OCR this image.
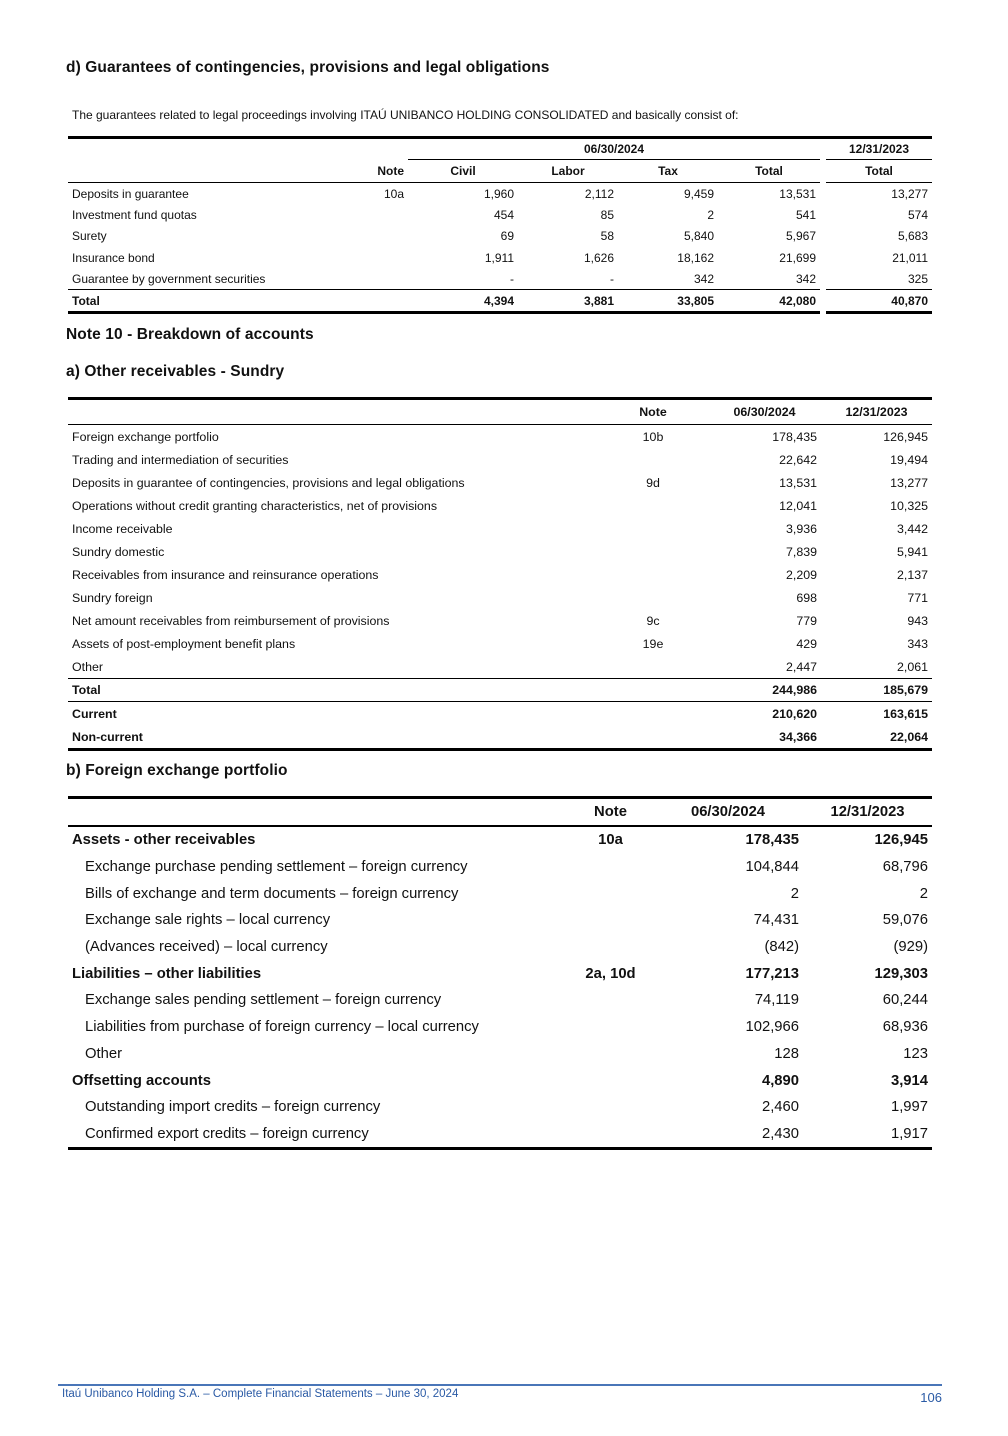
d) Guarantees of contingencies, provisions and legal obligations
The guarantees related to legal proceedings involving ITAÚ UNIBANCO HOLDING CONSOLIDATED and basically consist of:

		06/30/2024					12/31/2023
	Note	Civil	Labor	Tax	Total		Total
Deposits in guarantee	10a	1,960	2,112	9,459	13,531		13,277
Investment fund quotas		454	85	2	541		574
Surety		69	58	5,840	5,967		5,683
Insurance bond		1,911	1,626	18,162	21,699		21,011
Guarantee by government securities		-	-	342	342		325
Total		4,394	3,881	33,805	42,080		40,870
Note 10 - Breakdown of accounts
a) Other receivables - Sundry
	Note	06/30/2024	12/31/2023
Foreign exchange portfolio	10b	178,435	126,945
Trading and intermediation of securities		22,642	19,494
Deposits in guarantee of contingencies, provisions and legal obligations	9d	13,531	13,277
Operations without credit granting characteristics, net of provisions		12,041	10,325
Income receivable		3,936	3,442
Sundry domestic		7,839	5,941
Receivables from insurance and reinsurance operations		2,209	2,137
Sundry foreign		698	771
Net amount receivables from reimbursement of provisions	9c	779	943
Assets of post-employment benefit plans	19e	429	343
Other		2,447	2,061
Total		244,986	185,679
Current		210,620	163,615
Non-current		34,366	22,064
b) Foreign exchange portfolio
	Note	06/30/2024	12/31/2023
Assets - other receivables	10a	178,435	126,945
Exchange purchase pending settlement – foreign currency		104,844	68,796
Bills of exchange and term documents – foreign currency		2	2
Exchange sale rights – local currency		74,431	59,076
(Advances received) – local currency		(842)	(929)
Liabilities – other liabilities	2a, 10d	177,213	129,303
Exchange sales pending settlement – foreign currency		74,119	60,244
Liabilities from purchase of foreign currency – local currency		102,966	68,936
Other		128	123
Offsetting accounts		4,890	3,914
Outstanding import credits – foreign currency		2,460	1,997
Confirmed export credits – foreign currency		2,430	1,917
Itaú Unibanco Holding S.A. – Complete Financial Statements – June 30, 2024	106
